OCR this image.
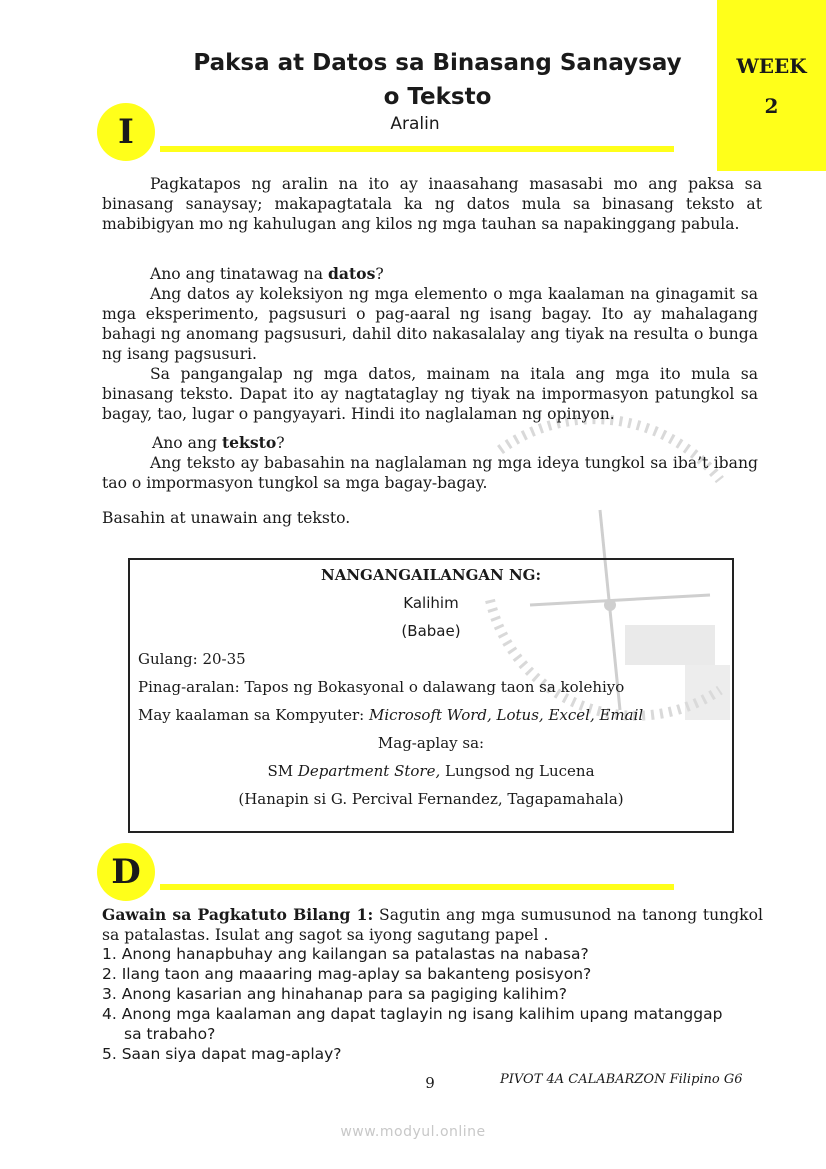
WEEK
2
Paksa at Datos sa Binasang Sanaysay
o Teksto
Aralin
I

Pagkatapos ng aralin na ito ay inaasahang masasabi mo ang paksa sa binasang sanaysay; makapagtatala ka ng datos mula sa binasang teksto at mabibigyan mo ng kahulugan ang kilos ng mga tauhan sa napakinggang pabula.

Ano ang tinatawag na datos?

Ang datos ay koleksiyon ng mga elemento o mga kaalaman na ginagamit sa mga eksperimento, pagsusuri o pag-aaral ng isang bagay. Ito ay mahalagang bahagi ng anomang pagsusuri, dahil dito nakasalalay ang tiyak na resulta o bunga ng isang pagsusuri.

Sa pangangalap ng mga datos, mainam na itala ang mga ito mula sa binasang teksto. Dapat ito ay nagtataglay ng tiyak na impormasyon patungkol sa bagay, tao, lugar o pangyayari. Hindi ito naglalaman ng opinyon.

Ano ang teksto?

Ang teksto ay babasahin na naglalaman ng mga ideya tungkol sa iba’t ibang tao o impormasyon tungkol sa mga bagay-bagay.

Basahin at unawain ang teksto.
NANGANGAILANGAN NG:
Kalihim
(Babae)
Gulang: 20-35
Pinag-aralan: Tapos ng Bokasyonal o dalawang taon sa kolehiyo
May kaalaman sa Kompyuter: Microsoft Word, Lotus, Excel, Email
Mag-aplay sa:
SM Department Store, Lungsod ng Lucena
(Hanapin si G. Percival Fernandez, Tagapamahala)
D

Gawain sa Pagkatuto Bilang 1: Sagutin ang mga sumusunod na tanong tungkol sa patalastas. Isulat ang sagot sa iyong sagutang papel .

1. Anong hanapbuhay ang kailangan sa patalastas na nabasa?
2. Ilang taon ang maaaring mag-aplay sa bakanteng posisyon?
3. Anong kasarian ang hinahanap para sa pagiging kalihim?
4. Anong mga kaalaman ang dapat taglayin ng isang kalihim upang matanggap
sa trabaho?
5. Saan siya dapat mag-aplay?
9	PIVOT 4A CALABARZON Filipino G6
www.modyul.online
